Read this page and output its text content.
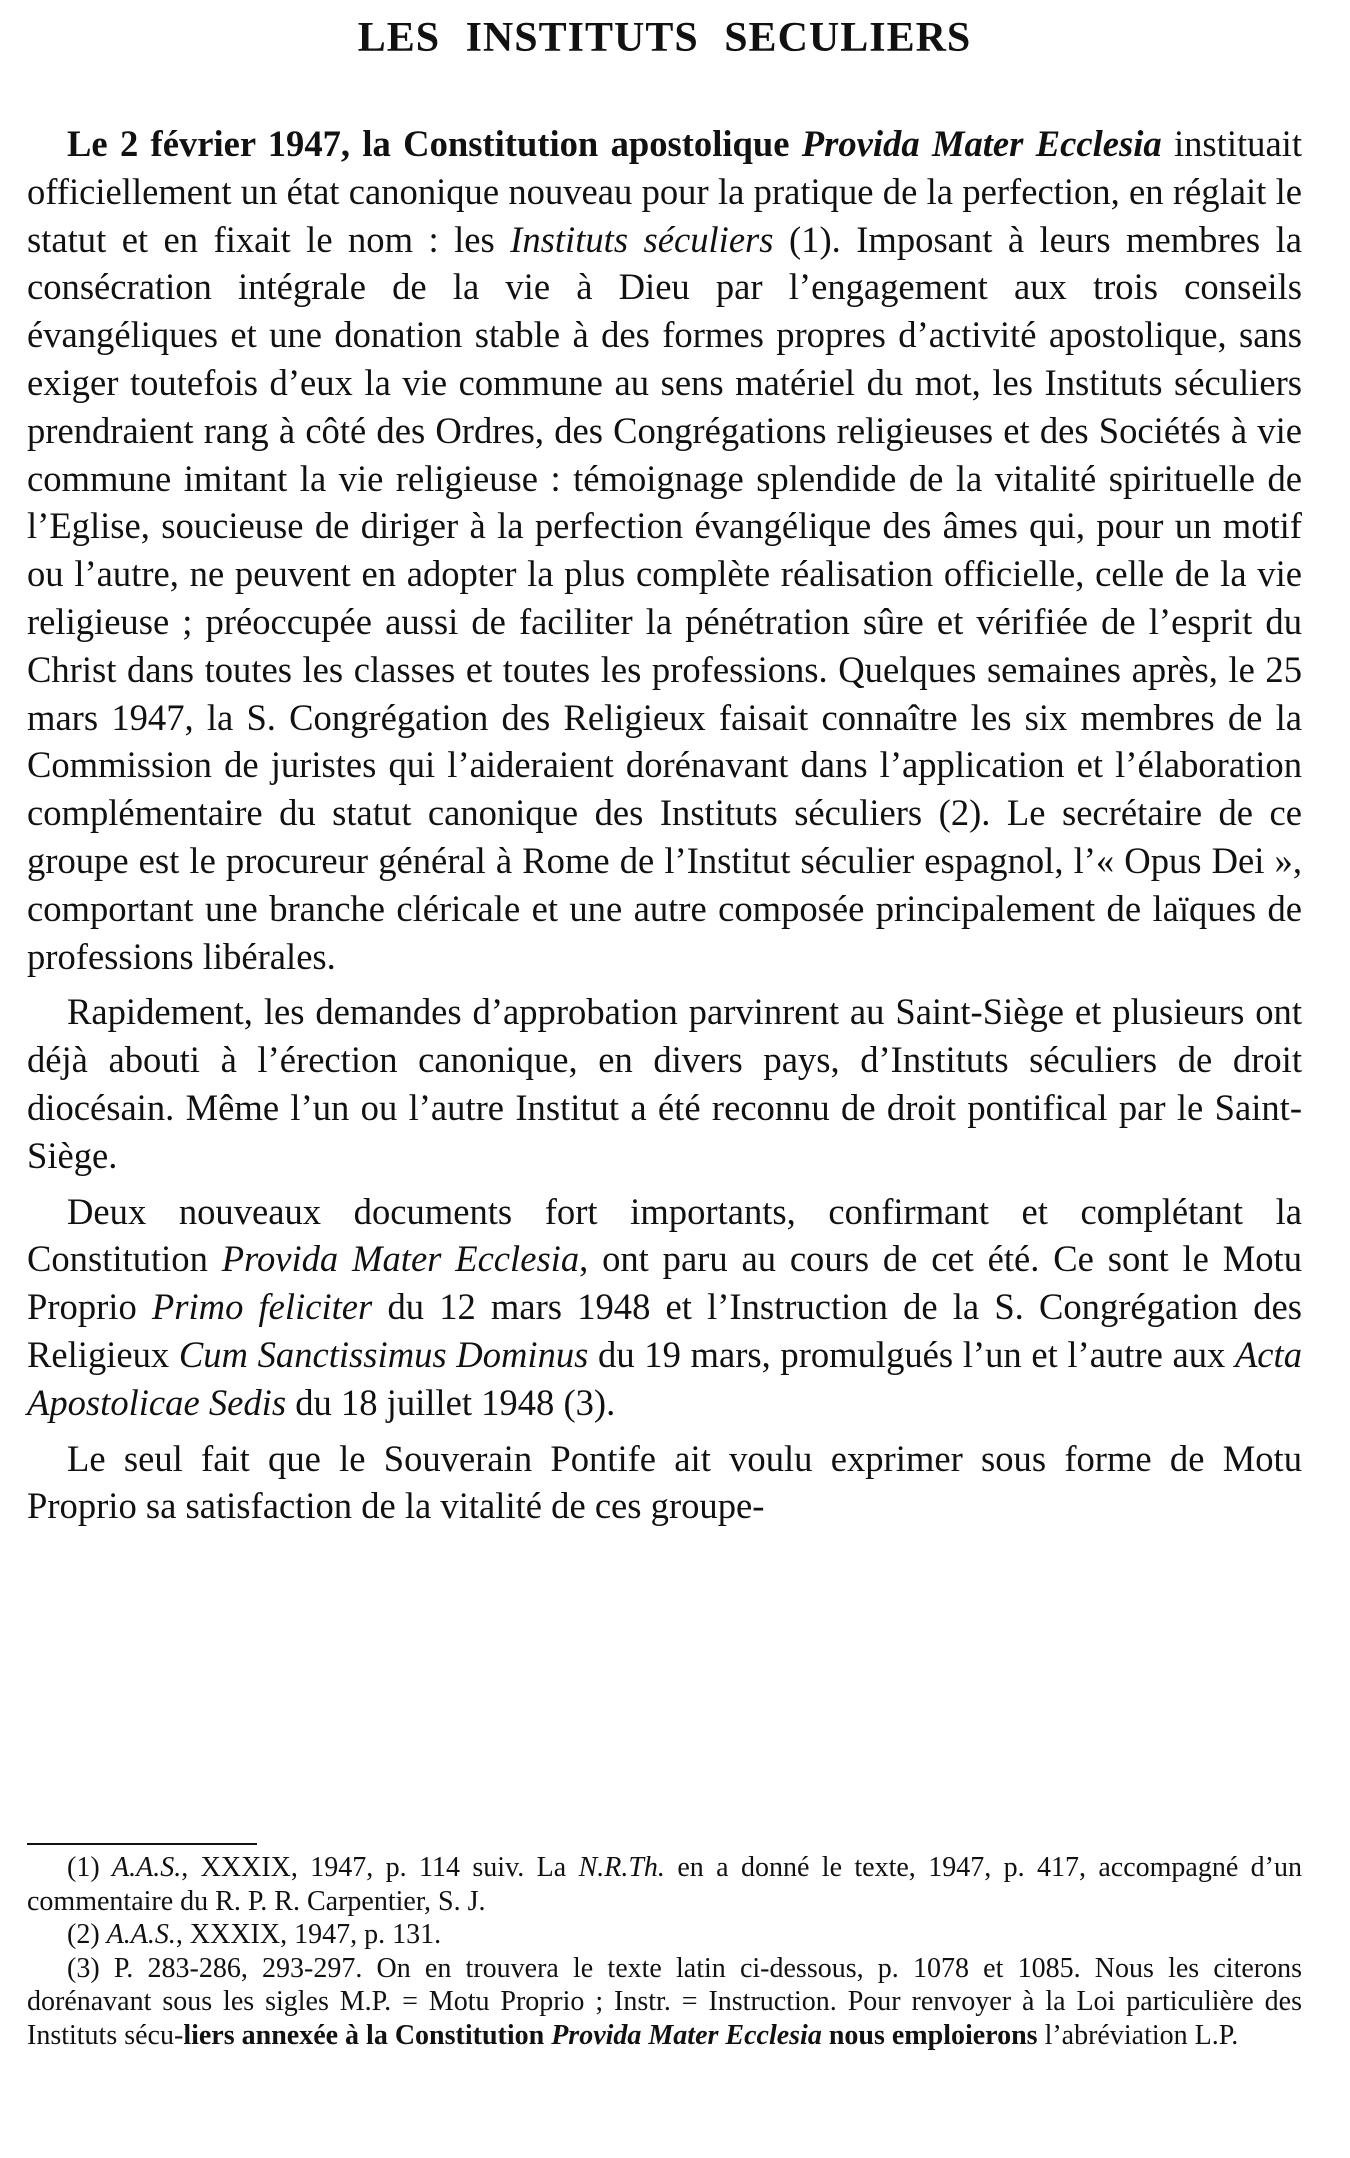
LES INSTITUTS SECULIERS

Le 2 février 1947, la Constitution apostolique Provida Mater Ecclesia instituait officiellement un état canonique nouveau pour la pratique de la perfection, en réglait le statut et en fixait le nom : les Instituts séculiers (1). Imposant à leurs membres la consécration intégrale de la vie à Dieu par l’engagement aux trois conseils évangéliques et une donation stable à des formes propres d’activité apostolique, sans exiger toutefois d’eux la vie commune au sens matériel du mot, les Instituts séculiers prendraient rang à côté des Ordres, des Congrégations religieuses et des Sociétés à vie commune imitant la vie religieuse : témoignage splendide de la vitalité spirituelle de l’Eglise, soucieuse de diriger à la perfection évangélique des âmes qui, pour un motif ou l’autre, ne peuvent en adopter la plus complète réalisation officielle, celle de la vie religieuse ; préoccupée aussi de faciliter la pénétration sûre et vérifiée de l’esprit du Christ dans toutes les classes et toutes les professions. Quelques semaines après, le 25 mars 1947, la S. Congrégation des Religieux faisait connaître les six membres de la Commission de juristes qui l’aideraient dorénavant dans l’application et l’élaboration complémentaire du statut canonique des Instituts séculiers (2). Le secrétaire de ce groupe est le procureur général à Rome de l’Institut séculier espagnol, l’« Opus Dei », comportant une branche cléricale et une autre composée principalement de laïques de professions libérales.

Rapidement, les demandes d’approbation parvinrent au Saint-Siège et plusieurs ont déjà abouti à l’érection canonique, en divers pays, d’Instituts séculiers de droit diocésain. Même l’un ou l’autre Institut a été reconnu de droit pontifical par le Saint-Siège.

Deux nouveaux documents fort importants, confirmant et complétant la Constitution Provida Mater Ecclesia, ont paru au cours de cet été. Ce sont le Motu Proprio Primo feliciter du 12 mars 1948 et l’Instruction de la S. Congrégation des Religieux Cum Sanctissimus Dominus du 19 mars, promulgués l’un et l’autre aux Acta Apostolicae Sedis du 18 juillet 1948 (3).

Le seul fait que le Souverain Pontife ait voulu exprimer sous forme de Motu Proprio sa satisfaction de la vitalité de ces groupe-

(1) A.A.S., XXXIX, 1947, p. 114 suiv. La N.R.Th. en a donné le texte, 1947, p. 417, accompagné d’un commentaire du R. P. R. Carpentier, S. J.

(2) A.A.S., XXXIX, 1947, p. 131.

(3) P. 283-286, 293-297. On en trouvera le texte latin ci-dessous, p. 1078 et 1085. Nous les citerons dorénavant sous les sigles M.P. = Motu Proprio ; Instr. = Instruction. Pour renvoyer à la Loi particulière des Instituts sécu-liers annexée à la Constitution Provida Mater Ecclesia nous emploierons l’abréviation L.P.
